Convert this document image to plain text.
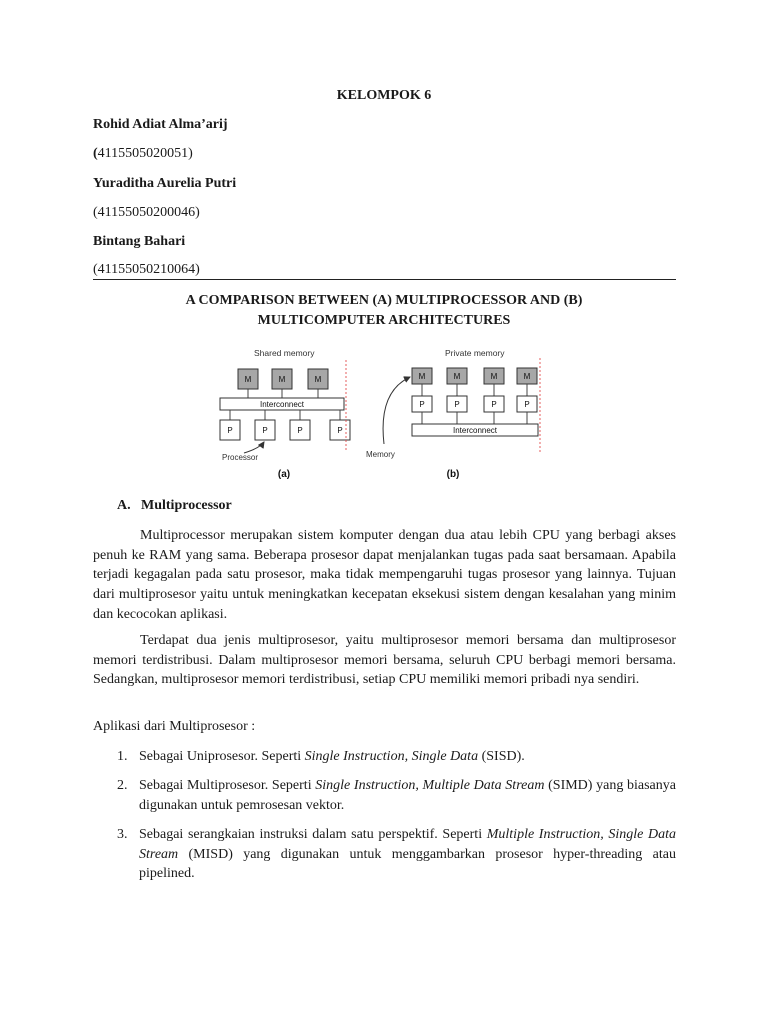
KELOMPOK 6
Rohid Adiat Alma’arij
(4115505020051)
Yuraditha Aurelia Putri
(41155050200046)
Bintang Bahari
(41155050210064)
A COMPARISON BETWEEN (A) MULTIPROCESSOR AND (B)
MULTICOMPUTER ARCHITECTURES
Shared memory
M	M	M
Interconnect
P	P	P	P
Processor
(a)
Private memory
M	M	M	M
P	P	P	P
Interconnect
Memory
(b)
A. Multiprocessor
Multiprocessor merupakan sistem komputer dengan dua atau lebih CPU yang berbagi akses penuh ke RAM yang sama. Beberapa prosesor dapat menjalankan tugas pada saat bersamaan. Apabila terjadi kegagalan pada satu prosesor, maka tidak mempengaruhi tugas prosesor yang lainnya. Tujuan dari multiprosesor yaitu untuk meningkatkan kecepatan eksekusi sistem dengan kesalahan yang minim dan kecocokan aplikasi.
Terdapat dua jenis multiprosesor, yaitu multiprosesor memori bersama dan multiprosesor memori terdistribusi. Dalam multiprosesor memori bersama, seluruh CPU berbagi memori bersama. Sedangkan, multiprosesor memori terdistribusi, setiap CPU memiliki memori pribadi nya sendiri.
Aplikasi dari Multiprosesor :
1. Sebagai Uniprosesor. Seperti Single Instruction, Single Data (SISD).
2. Sebagai Multiprosesor. Seperti Single Instruction, Multiple Data Stream (SIMD) yang biasanya digunakan untuk pemrosesan vektor.
3. Sebagai serangkaian instruksi dalam satu perspektif. Seperti Multiple Instruction, Single Data Stream (MISD) yang digunakan untuk menggambarkan prosesor hyper-threading atau pipelined.
